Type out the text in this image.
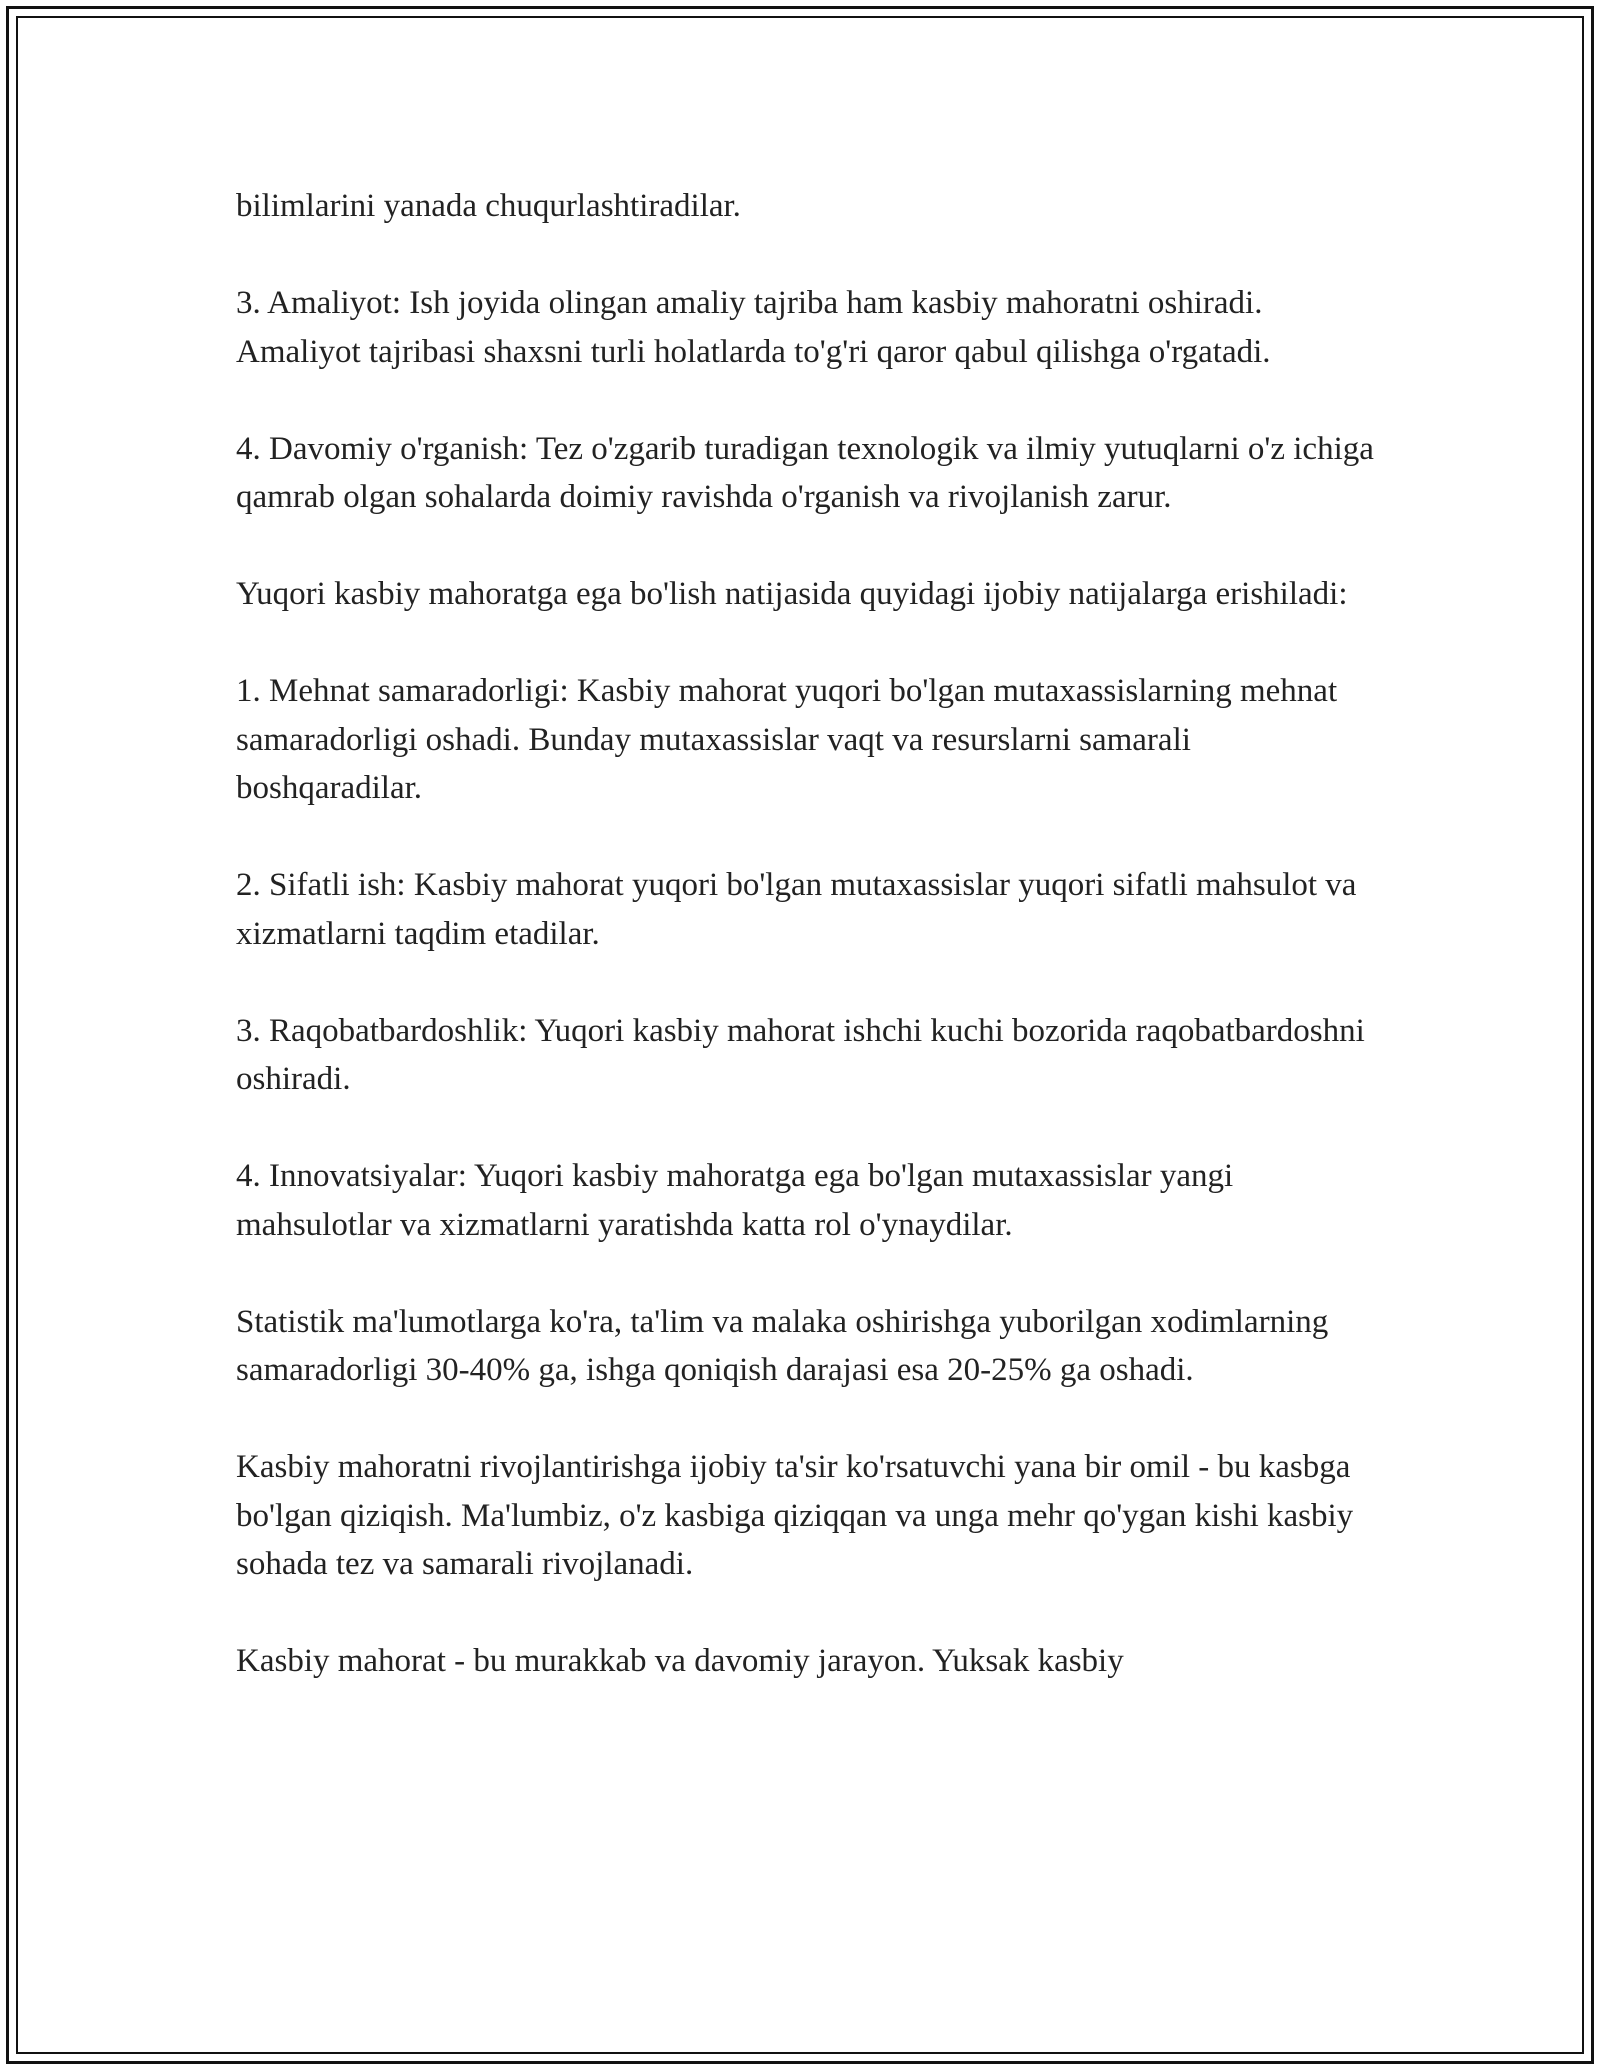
bilimlarini yanada chuqurlashtiradilar.

3. Amaliyot: Ish joyida olingan amaliy tajriba ham kasbiy mahoratni oshiradi. Amaliyot tajribasi shaxsni turli holatlarda to'g'ri qaror qabul qilishga o'rgatadi.

4. Davomiy o'rganish: Tez o'zgarib turadigan texnologik va ilmiy yutuqlarni o'z ichiga qamrab olgan sohalarda doimiy ravishda o'rganish va rivojlanish zarur.

Yuqori kasbiy mahoratga ega bo'lish natijasida quyidagi ijobiy natijalarga erishiladi:

1. Mehnat samaradorligi: Kasbiy mahorat yuqori bo'lgan mutaxassislarning mehnat samaradorligi oshadi. Bunday mutaxassislar vaqt va resurslarni samarali boshqaradilar.

2. Sifatli ish: Kasbiy mahorat yuqori bo'lgan mutaxassislar yuqori sifatli mahsulot va xizmatlarni taqdim etadilar.

3. Raqobatbardoshlik: Yuqori kasbiy mahorat ishchi kuchi bozorida raqobatbardoshni oshiradi.

4. Innovatsiyalar: Yuqori kasbiy mahoratga ega bo'lgan mutaxassislar yangi mahsulotlar va xizmatlarni yaratishda katta rol o'ynaydilar.

Statistik ma'lumotlarga ko'ra, ta'lim va malaka oshirishga yuborilgan xodimlarning samaradorligi 30-40% ga, ishga qoniqish darajasi esa 20-25% ga oshadi.

Kasbiy mahoratni rivojlantirishga ijobiy ta'sir ko'rsatuvchi yana bir omil - bu kasbga bo'lgan qiziqish. Ma'lumbiz, o'z kasbiga qiziqqan va unga mehr qo'ygan kishi kasbiy sohada tez va samarali rivojlanadi.

Kasbiy mahorat - bu murakkab va davomiy jarayon. Yuksak kasbiy
